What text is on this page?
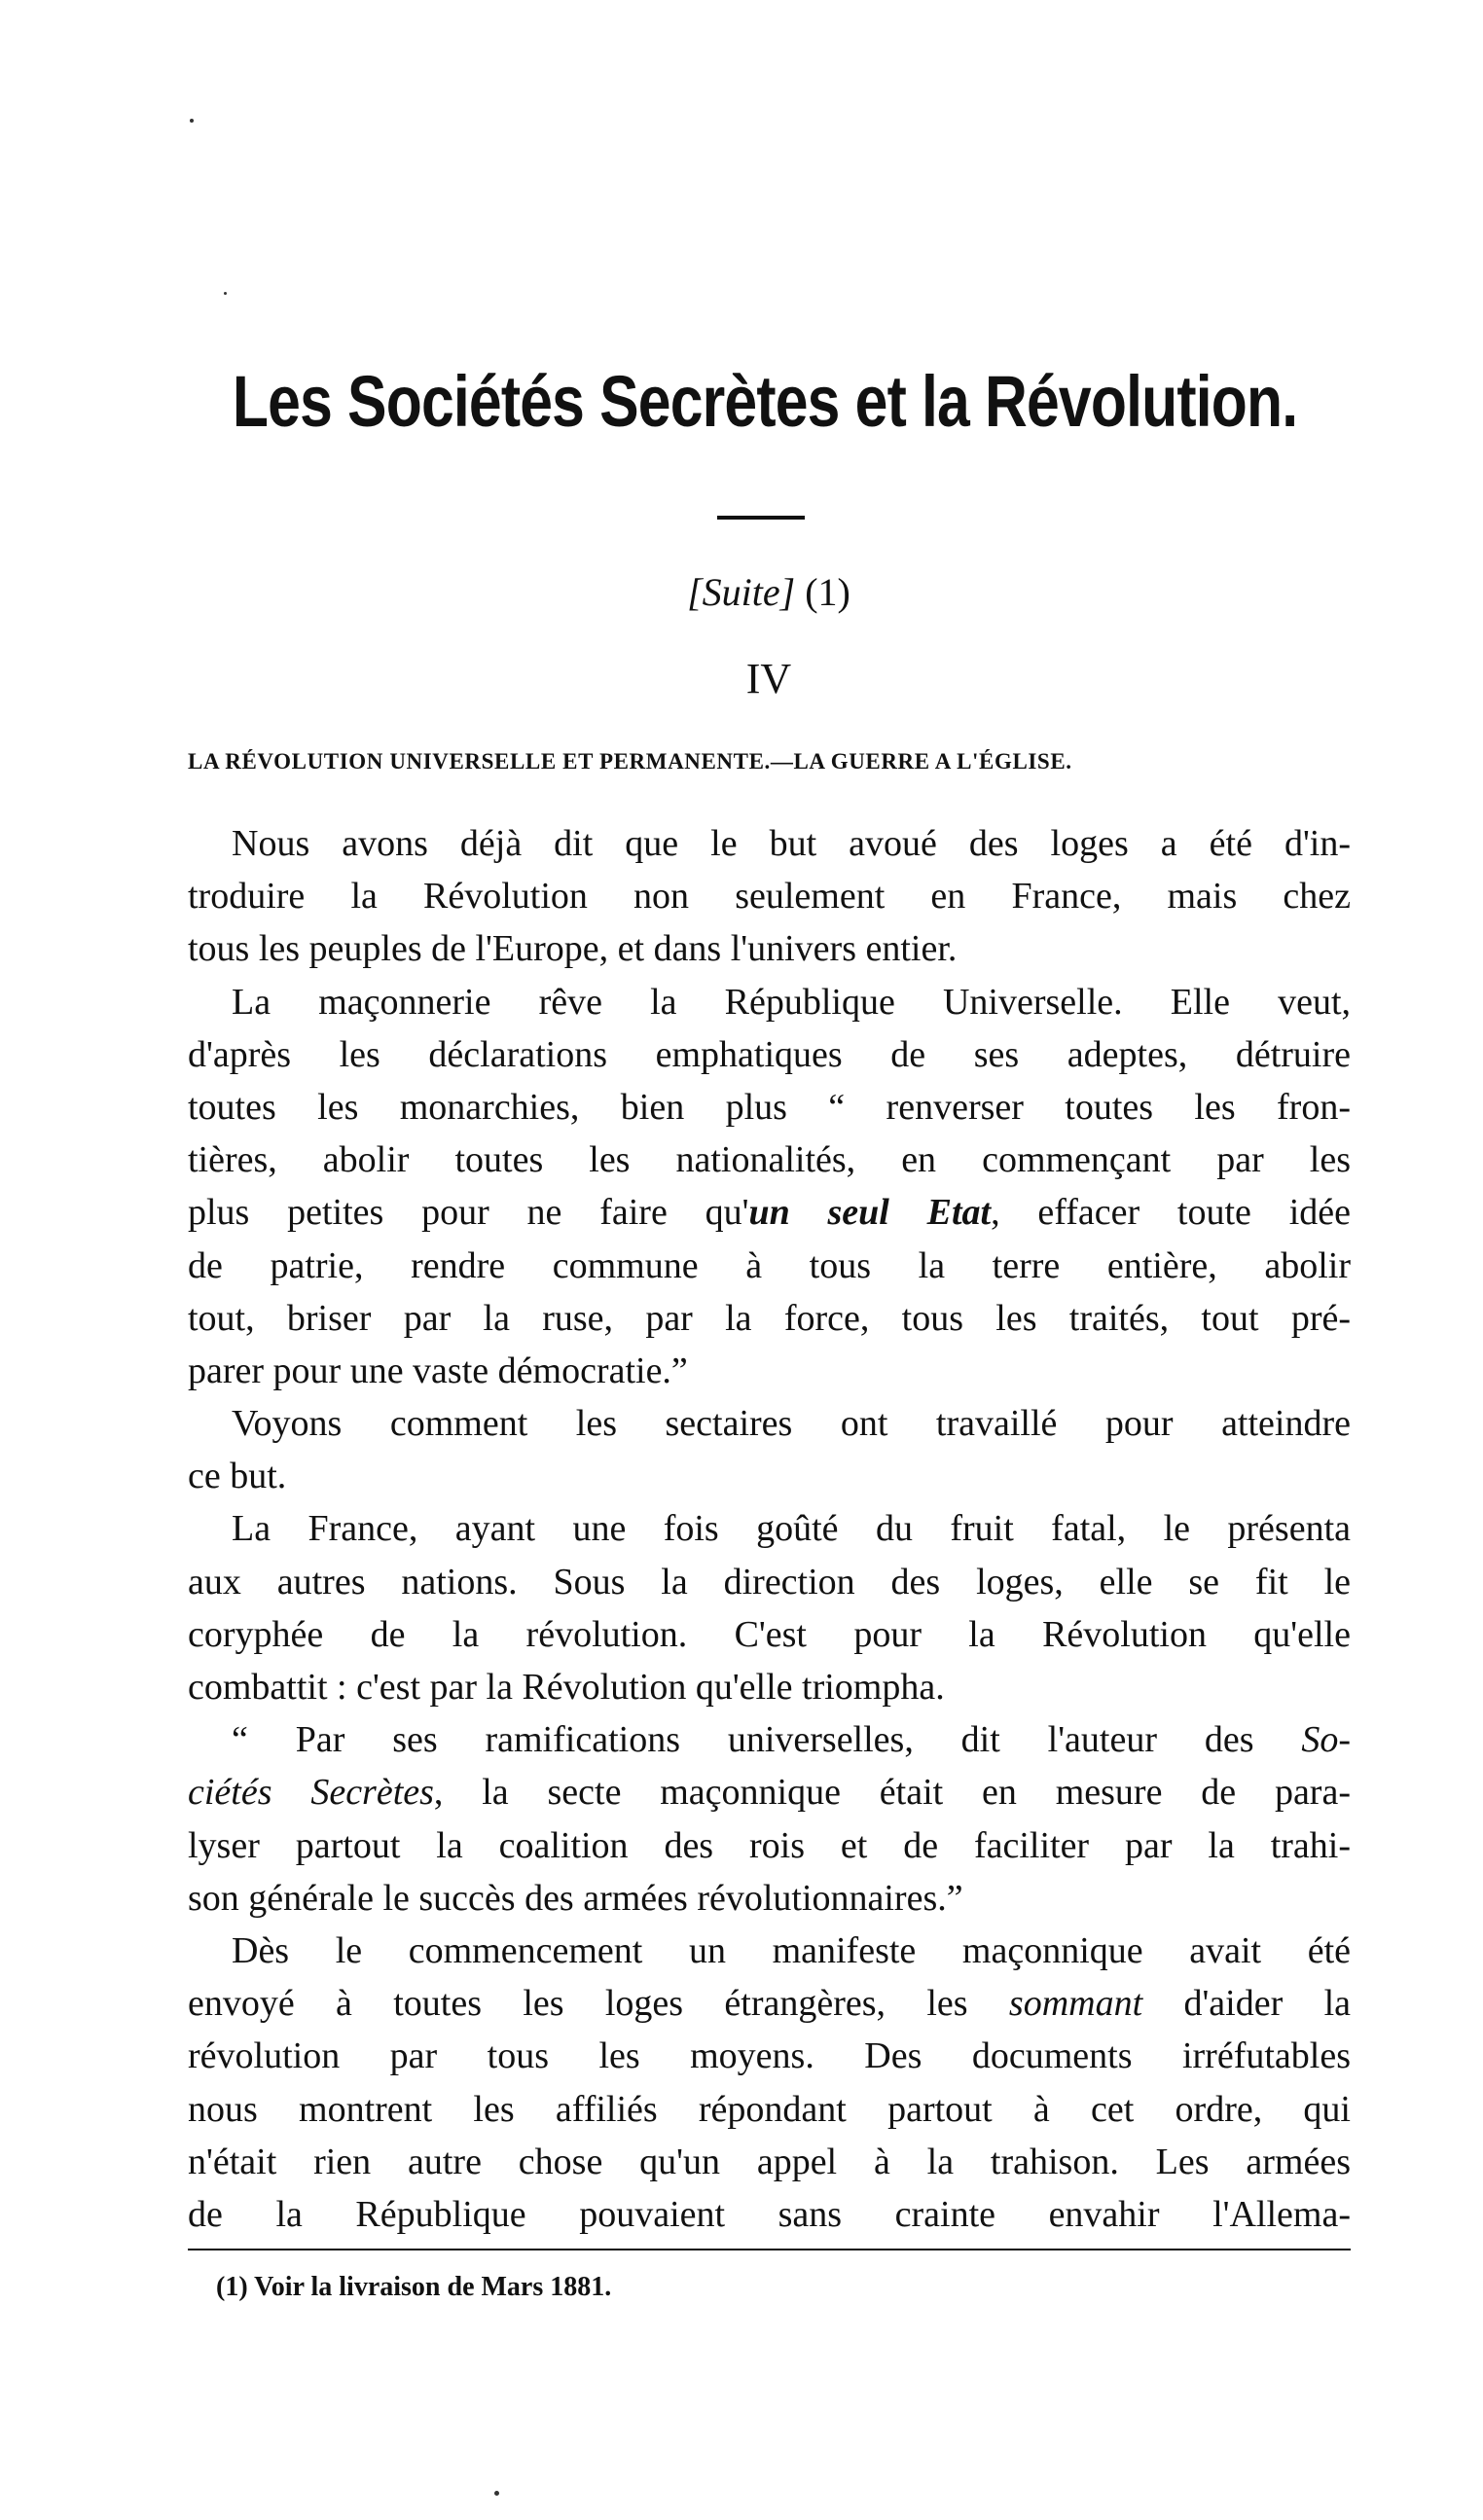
Les Sociétés Secrètes et la Révolution.
[Suite] (1)
IV
LA RÉVOLUTION UNIVERSELLE ET PERMANENTE.—LA GUERRE A L'ÉGLISE.
Nous avons déjà dit que le but avoué des loges a été d'in-
troduire la Révolution non seulement en France, mais chez
tous les peuples de l'Europe, et dans l'univers entier.
La maçonnerie rêve la République Universelle. Elle veut,
d'après les déclarations emphatiques de ses adeptes, détruire
toutes les monarchies, bien plus “ renverser toutes les fron-
tières, abolir toutes les nationalités, en commençant par les
plus petites pour ne faire qu'un seul Etat, effacer toute idée
de patrie, rendre commune à tous la terre entière, abolir
tout, briser par la ruse, par la force, tous les traités, tout pré-
parer pour une vaste démocratie.”
Voyons comment les sectaires ont travaillé pour atteindre
ce but.
La France, ayant une fois goûté du fruit fatal, le présenta
aux autres nations. Sous la direction des loges, elle se fit le
coryphée de la révolution. C'est pour la Révolution qu'elle
combattit : c'est par la Révolution qu'elle triompha.
“ Par ses ramifications universelles, dit l'auteur des So-
ciétés Secrètes, la secte maçonnique était en mesure de para-
lyser partout la coalition des rois et de faciliter par la trahi-
son générale le succès des armées révolutionnaires.”
Dès le commencement un manifeste maçonnique avait été
envoyé à toutes les loges étrangères, les sommant d'aider la
révolution par tous les moyens. Des documents irréfutables
nous montrent les affiliés répondant partout à cet ordre, qui
n'était rien autre chose qu'un appel à la trahison. Les armées
de la République pouvaient sans crainte envahir l'Allema-
(1) Voir la livraison de Mars 1881.
